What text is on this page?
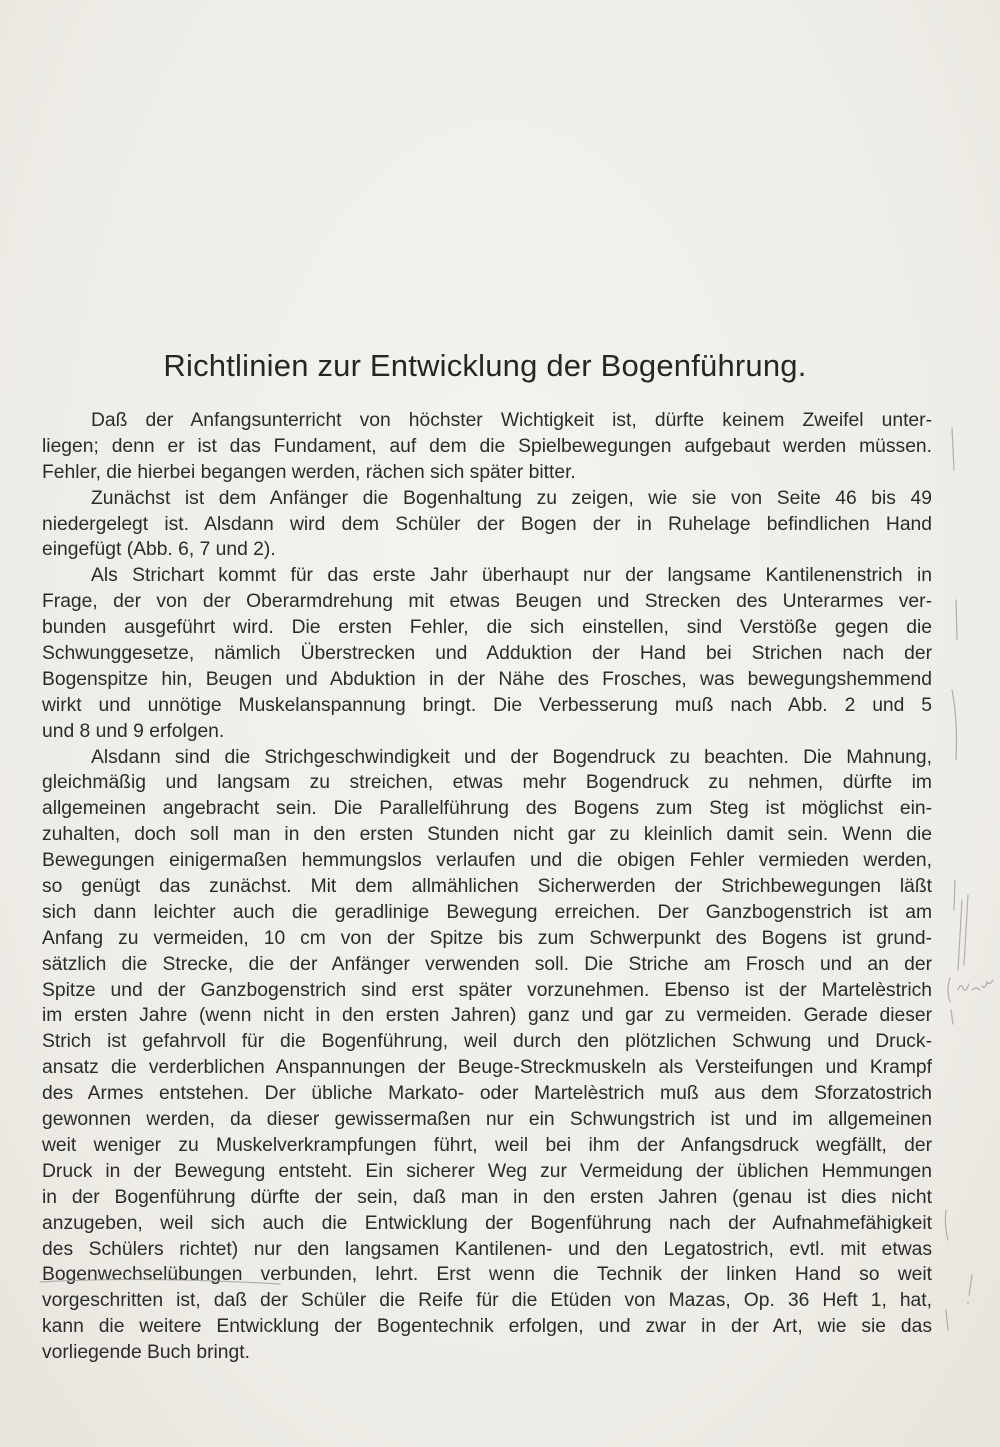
Richtlinien zur Entwicklung der Bogenführung.
Daß der Anfangsunterricht von höchster Wichtigkeit ist, dürfte keinem Zweifel unter-
liegen; denn er ist das Fundament, auf dem die Spielbewegungen aufgebaut werden müssen.
Fehler, die hierbei begangen werden, rächen sich später bitter.
Zunächst ist dem Anfänger die Bogenhaltung zu zeigen, wie sie von Seite 46 bis 49
niedergelegt ist. Alsdann wird dem Schüler der Bogen der in Ruhelage befindlichen Hand
eingefügt (Abb. 6, 7 und 2).
Als Strichart kommt für das erste Jahr überhaupt nur der langsame Kantilenenstrich in
Frage, der von der Oberarmdrehung mit etwas Beugen und Strecken des Unterarmes ver-
bunden ausgeführt wird. Die ersten Fehler, die sich einstellen, sind Verstöße gegen die
Schwunggesetze, nämlich Überstrecken und Adduktion der Hand bei Strichen nach der
Bogenspitze hin, Beugen und Abduktion in der Nähe des Frosches, was bewegungshemmend
wirkt und unnötige Muskelanspannung bringt. Die Verbesserung muß nach Abb. 2 und 5
und 8 und 9 erfolgen.
Alsdann sind die Strichgeschwindigkeit und der Bogendruck zu beachten. Die Mahnung,
gleichmäßig und langsam zu streichen, etwas mehr Bogendruck zu nehmen, dürfte im
allgemeinen angebracht sein. Die Parallelführung des Bogens zum Steg ist möglichst ein-
zuhalten, doch soll man in den ersten Stunden nicht gar zu kleinlich damit sein. Wenn die
Bewegungen einigermaßen hemmungslos verlaufen und die obigen Fehler vermieden werden,
so genügt das zunächst. Mit dem allmählichen Sicherwerden der Strichbewegungen läßt
sich dann leichter auch die geradlinige Bewegung erreichen. Der Ganzbogenstrich ist am
Anfang zu vermeiden, 10 cm von der Spitze bis zum Schwerpunkt des Bogens ist grund-
sätzlich die Strecke, die der Anfänger verwenden soll. Die Striche am Frosch und an der
Spitze und der Ganzbogenstrich sind erst später vorzunehmen. Ebenso ist der Martelèstrich
im ersten Jahre (wenn nicht in den ersten Jahren) ganz und gar zu vermeiden. Gerade dieser
Strich ist gefahrvoll für die Bogenführung, weil durch den plötzlichen Schwung und Druck-
ansatz die verderblichen Anspannungen der Beuge-Streckmuskeln als Versteifungen und Krampf
des Armes entstehen. Der übliche Markato- oder Martelèstrich muß aus dem Sforzatostrich
gewonnen werden, da dieser gewissermaßen nur ein Schwungstrich ist und im allgemeinen
weit weniger zu Muskelverkrampfungen führt, weil bei ihm der Anfangsdruck wegfällt, der
Druck in der Bewegung entsteht. Ein sicherer Weg zur Vermeidung der üblichen Hemmungen
in der Bogenführung dürfte der sein, daß man in den ersten Jahren (genau ist dies nicht
anzugeben, weil sich auch die Entwicklung der Bogenführung nach der Aufnahmefähigkeit
des Schülers richtet) nur den langsamen Kantilenen- und den Legatostrich, evtl. mit etwas
Bogenwechselübungen verbunden, lehrt. Erst wenn die Technik der linken Hand so weit
vorgeschritten ist, daß der Schüler die Reife für die Etüden von Mazas, Op. 36 Heft 1, hat,
kann die weitere Entwicklung der Bogentechnik erfolgen, und zwar in der Art, wie sie das
vorliegende Buch bringt.
